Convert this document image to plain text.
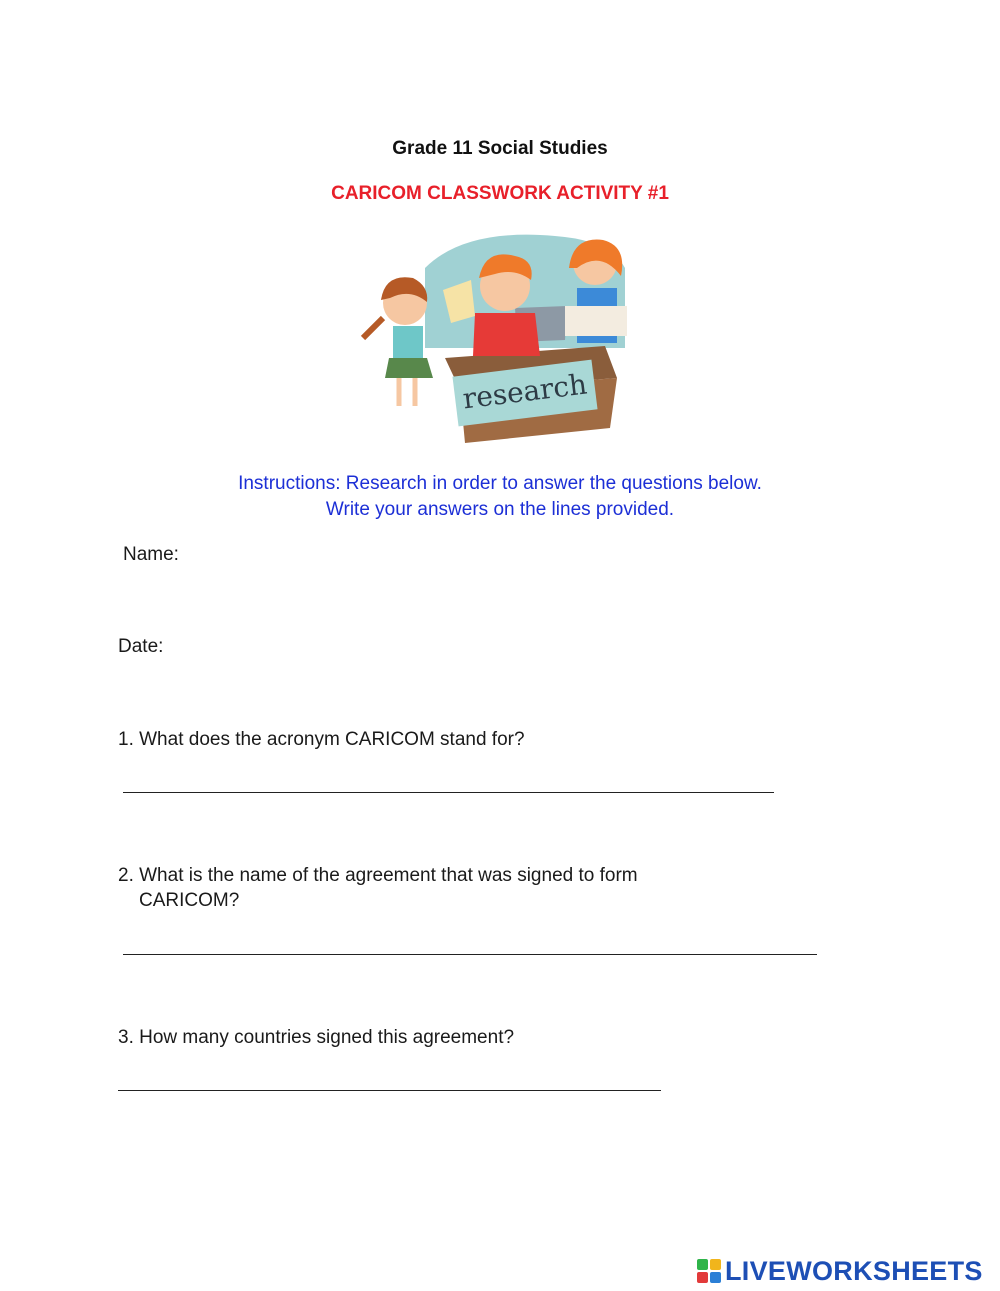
Grade 11 Social Studies
CARICOM CLASSWORK ACTIVITY #1
research
Instructions: Research in order to answer the questions below.
Write your answers on the lines provided.
Name:
Date:
1. What does the acronym CARICOM stand for?
2. What is the name of the agreement that was signed to form
CARICOM?
3. How many countries signed this agreement?
LIVEWORKSHEETS
